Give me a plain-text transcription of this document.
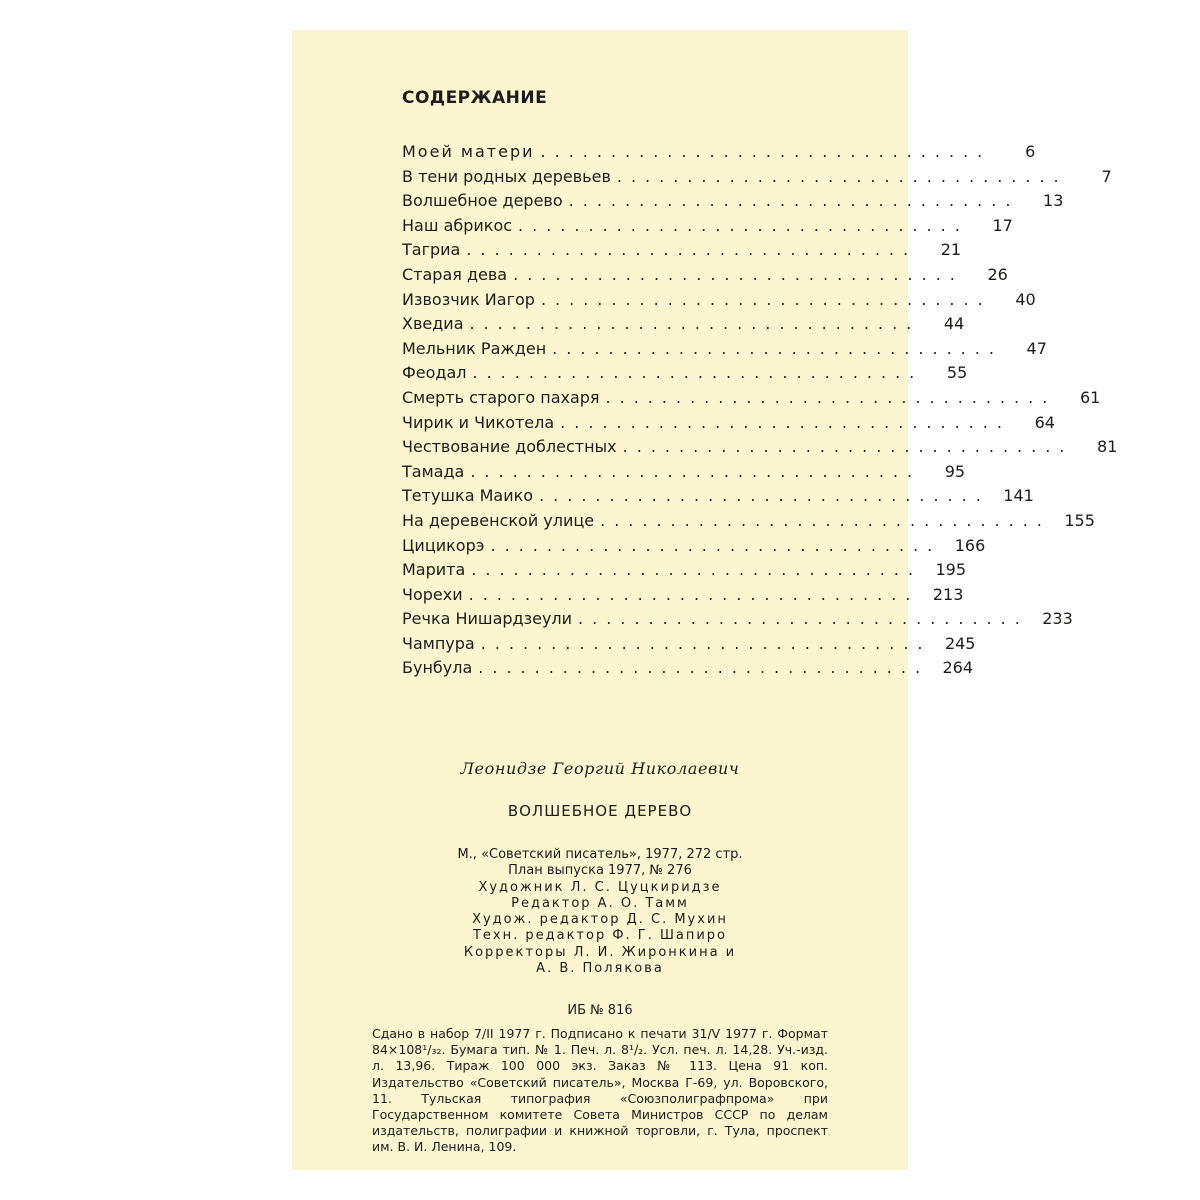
СОДЕРЖАНИЕ
Моей матери ................................	6
В тени родных деревьев ................................	7
Волшебное дерево ................................	13
Наш абрикос ................................	17
Тагриа ................................	21
Старая дева ................................	26
Извозчик Иагор ................................	40
Хведиа ................................	44
Мельник Ражден ................................	47
Феодал ................................	55
Смерть старого пахаря ................................	61
Чирик и Чикотела ................................	64
Чествование доблестных ................................	81
Тамада ................................	95
Тетушка Маико ................................ 141
На деревенской улице ................................ 155
Цицикорэ ................................ 166
Марита ................................ 195
Чорехи ................................ 213
Речка Нишардзеули ................................ 233
Чампура ................................ 245
Бунбула ................................ 264
Леонидзе Георгий Николаевич
ВОЛШЕБНОЕ ДЕРЕВО
М., «Советский писатель», 1977, 272 стр.
План выпуска 1977, № 276
Художник Л. С. Цуцкиридзе
Редактор А. О. Тамм
Худож. редактор Д. С. Мухин
Техн. редактор Ф. Г. Шапиро
Корректоры Л. И. Жиронкина и
А. В. Полякова
ИБ № 816
Сдано в набор 7/II 1977 г. Подписано к печати 31/V 1977 г. Формат 84×108¹/₃₂. Бумага тип. № 1. Печ. л. 8¹/₂. Усл. печ. л. 14,28. Уч.-изд. л. 13,96. Тираж 100 000 экз. Заказ № 113. Цена 91 коп. Издательство «Советский писатель», Москва Г-69, ул. Воровского, 11. Тульская типография «Союзполиграфпрома» при Государственном комитете Совета Министров СССР по делам издательств, полиграфии и книжной торговли, г. Тула, проспект им. В. И. Ленина, 109.
